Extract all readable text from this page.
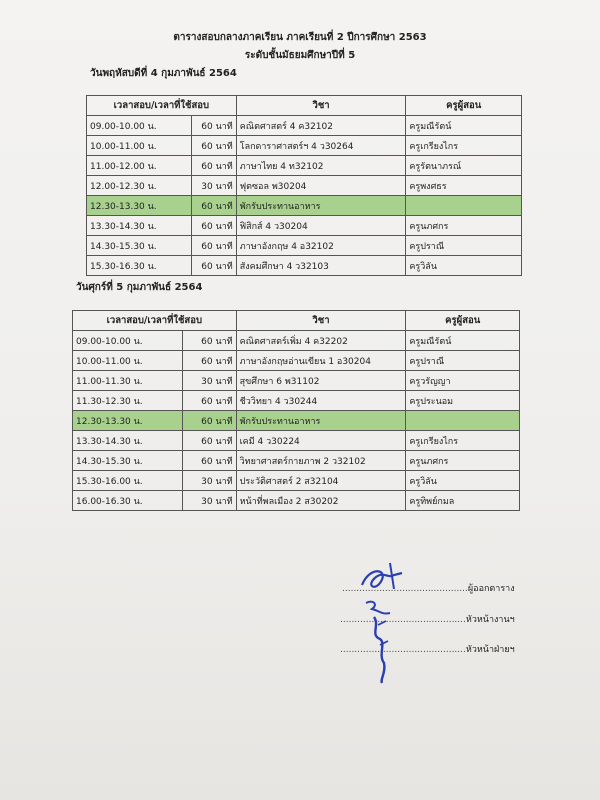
ตารางสอบกลางภาคเรียน ภาคเรียนที่ 2 ปีการศึกษา 2563
ระดับชั้นมัธยมศึกษาปีที่ 5
วันพฤหัสบดีที่ 4 กุมภาพันธ์ 2564
เวลาสอบ/เวลาที่ใช้สอบ		วิชา	ครูผู้สอน
09.00-10.00 น.	60 นาที	คณิตศาสตร์ 4 ค32102	ครูมณีรัตน์
10.00-11.00 น.	60 นาที	โลกดาราศาสตร์ฯ 4 ว30264	ครูเกรียงไกร
11.00-12.00 น.	60 นาที	ภาษาไทย 4 ท32102	ครูรัตนาภรณ์
12.00-12.30 น.	30 นาที	ฟุตซอล พ30204	ครูพงศธร
12.30-13.30 น.	60 นาที	พักรับประทานอาหาร	
13.30-14.30 น.	60 นาที	ฟิสิกส์ 4 ว30204	ครูนภศกร
14.30-15.30 น.	60 นาที	ภาษาอังกฤษ 4 อ32102	ครูปราณี
15.30-16.30 น.	60 นาที	สังคมศึกษา 4 ว32103	ครูวิลัน
วันศุกร์ที่ 5 กุมภาพันธ์ 2564
เวลาสอบ/เวลาที่ใช้สอบ		วิชา	ครูผู้สอน
09.00-10.00 น.	60 นาที	คณิตศาสตร์เพิ่ม 4 ค32202	ครูมณีรัตน์
10.00-11.00 น.	60 นาที	ภาษาอังกฤษอ่านเขียน 1 อ30204	ครูปราณี
11.00-11.30 น.	30 นาที	สุขศึกษา 6 พ31102	ครูวรัญญา
11.30-12.30 น.	60 นาที	ชีววิทยา 4 ว30244	ครูประนอม
12.30-13.30 น.	60 นาที	พักรับประทานอาหาร	
13.30-14.30 น.	60 นาที	เคมี 4 ว30224	ครูเกรียงไกร
14.30-15.30 น.	60 นาที	วิทยาศาสตร์กายภาพ 2 ว32102	ครูนภศกร
15.30-16.00 น.	30 นาที	ประวัติศาสตร์ 2 ส32104	ครูวิลัน
16.00-16.30 น.	30 นาที	หน้าที่พลเมือง 2 ส30202	ครูทิพย์กมล
............................................ผู้ออกตาราง
............................................หัวหน้างานฯ
............................................หัวหน้าฝ่ายฯ
